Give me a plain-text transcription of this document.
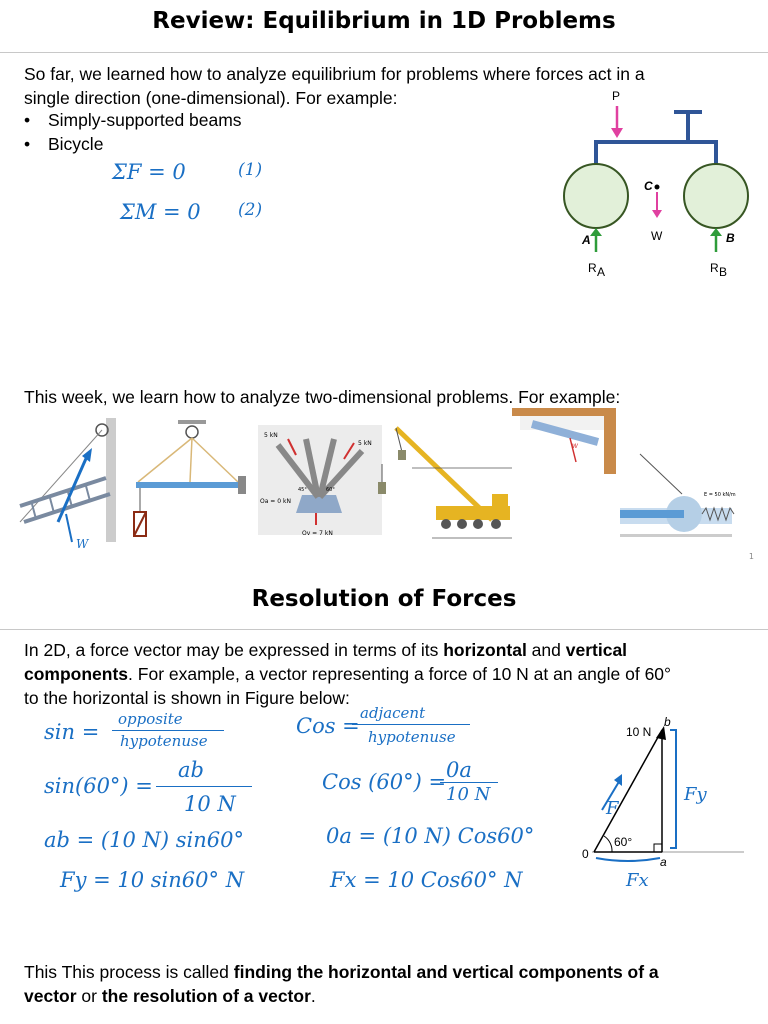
Review: Equilibrium in 1D Problems
So far, we learned how to analyze equilibrium for problems where forces act in a
single direction (one-dimensional). For example:
• Simply-supported beams
• Bicycle
ΣF = 0	(1)
ΣM = 0 (2)
P
C
W
A	B
R A	R B
This week, we learn how to analyze two-dimensional problems. For example:
W
5 kN
5 kN
45°	60°
Oa = 0 kN
Ov = 7 kN
W
E = 50 kN/m
1
Resolution of Forces
In 2D, a force vector may be expressed in terms of its horizontal and vertical
components. For example, a vector representing a force of 10 N at an angle of 60°
to the horizontal is shown in Figure below:
sin =
opposite
hypotenuse
Cos =
adjacent
hypotenuse
sin(60°) =
ab
10 N
Cos (60°) = 0a
10 N
ab = (10 N) sin60°	0a = (10 N) Cos60°
Fy = 10 sin60° N	Fx = 10 Cos60° N
60°
10 N
b
a
0
F
Fy
Fx
This This process is called finding the horizontal and vertical components of a
vector or the resolution of a vector.
